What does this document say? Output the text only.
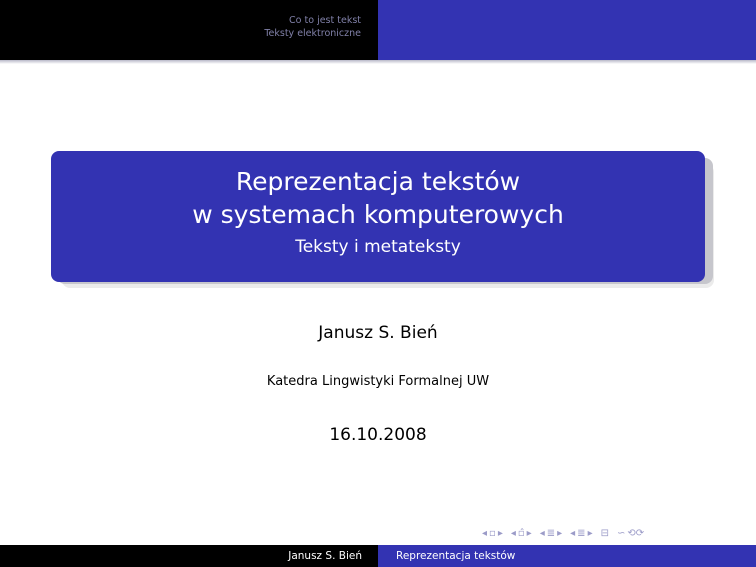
Co to jest tekst
Teksty elektroniczne
Reprezentacja tekstów
w systemach komputerowych
Teksty i metateksty
Janusz S. Bień
Katedra Lingwistyki Formalnej UW
16.10.2008
◂ ▫ ▸ ◂ ▫̂ ▸ ◂ ≣ ▸ ◂ ≣ ▸ ⊟ ∽ ⟲⟳
Janusz S. Bień	Reprezentacja tekstów
